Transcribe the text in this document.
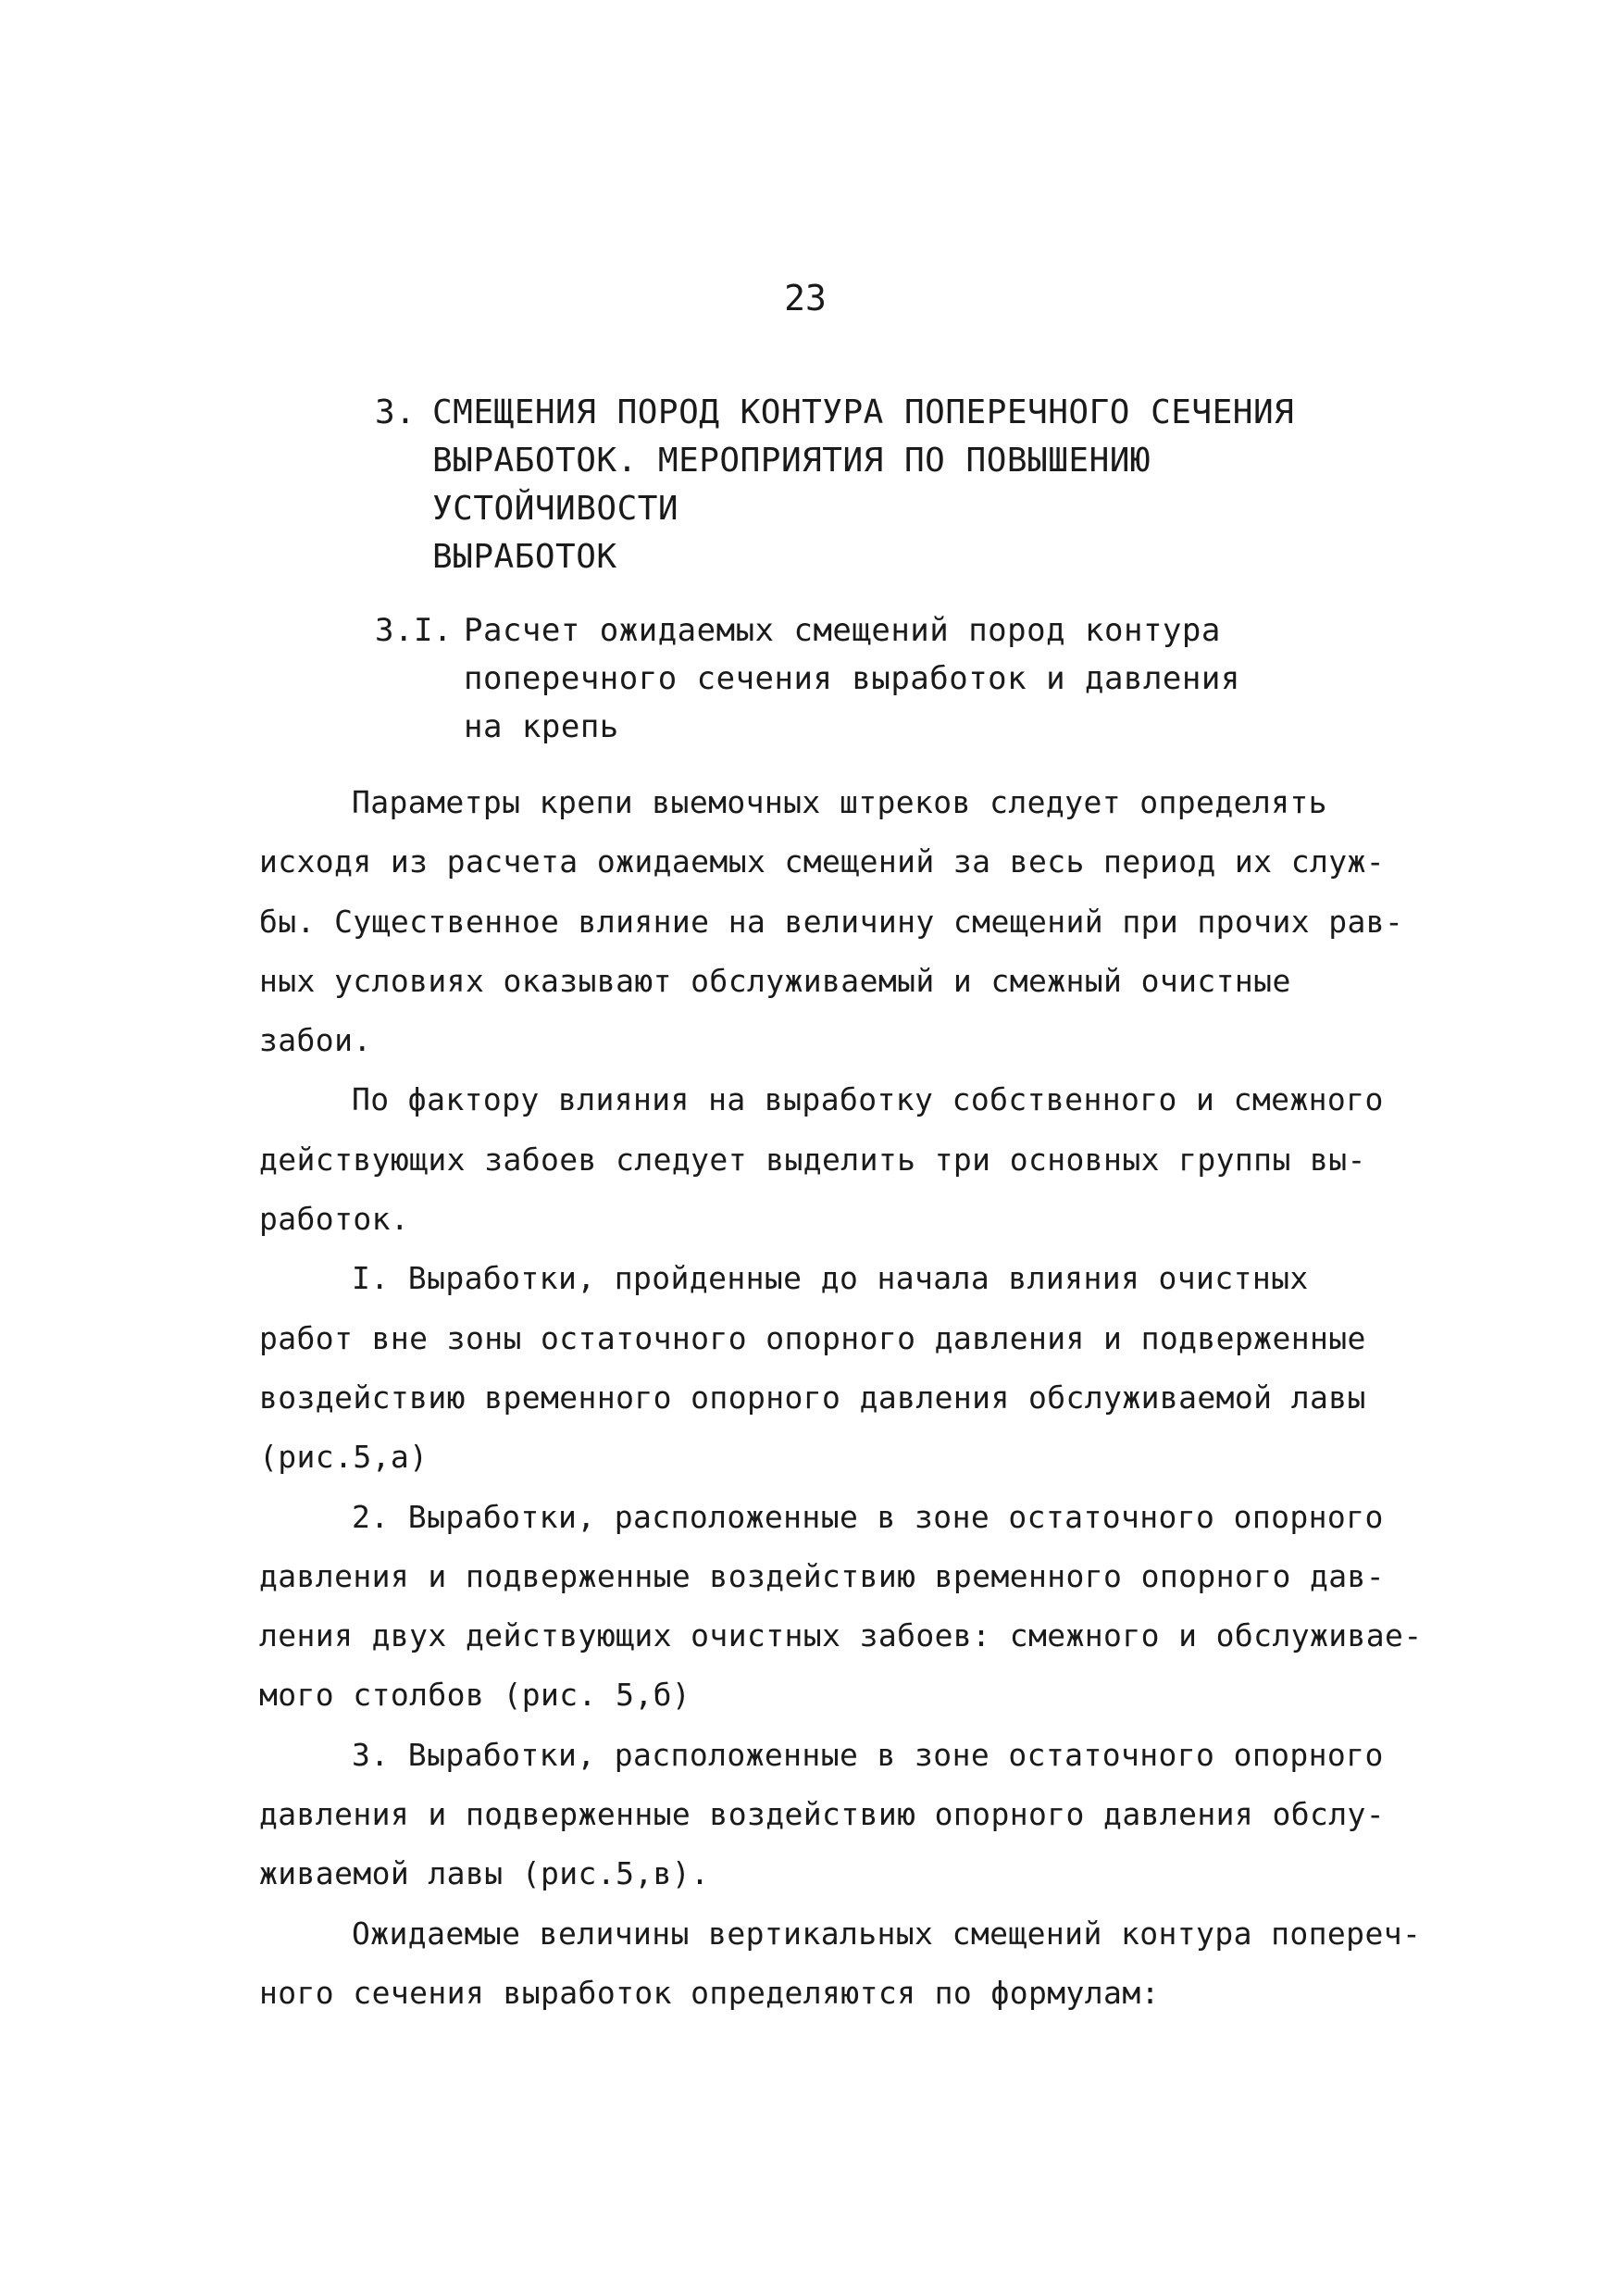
23
3. СМЕЩЕНИЯ ПОРОД КОНТУРА ПОПЕРЕЧНОГО СЕЧЕНИЯ
ВЫРАБОТОК. МЕРОПРИЯТИЯ ПО ПОВЫШЕНИЮ УСТОЙЧИВОСТИ
ВЫРАБОТОК
3.I. Расчет ожидаемых смещений пород контура
поперечного сечения выработок и давления
на крепь
Параметры крепи выемочных штреков следует определять
исходя из расчета ожидаемых смещений за весь период их служ-
бы. Существенное влияние на величину смещений при прочих рав-
ных условиях оказывают обслуживаемый и смежный очистные
забои.
По фактору влияния на выработку собственного и смежного
действующих забоев следует выделить три основных группы вы-
работок.
I. Выработки, пройденные до начала влияния очистных
работ вне зоны остаточного опорного давления и подверженные
воздействию временного опорного давления обслуживаемой лавы
(рис.5,а)
2. Выработки, расположенные в зоне остаточного опорного
давления и подверженные воздействию временного опорного дав-
ления двух действующих очистных забоев: смежного и обслуживае-
мого столбов (рис. 5,б)
3. Выработки, расположенные в зоне остаточного опорного
давления и подверженные воздействию опорного давления обслу-
живаемой лавы (рис.5,в).
Ожидаемые величины вертикальных смещений контура попереч-
ного сечения выработок определяются по формулам:
